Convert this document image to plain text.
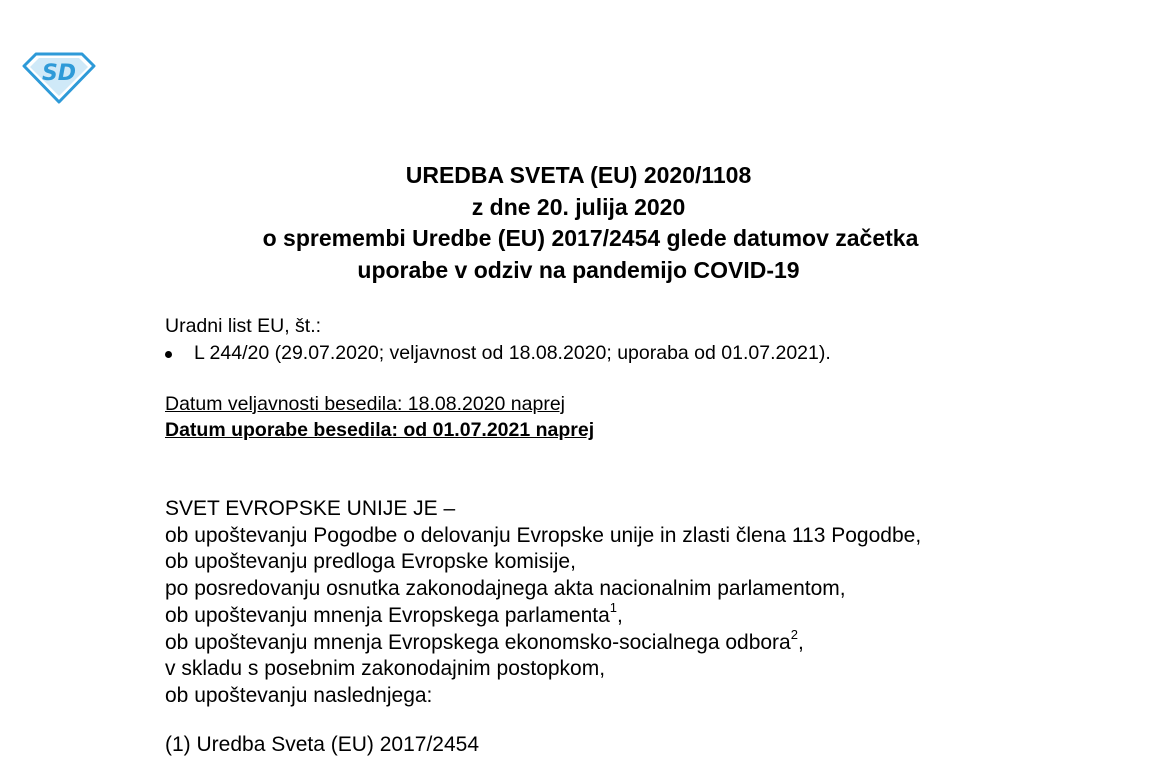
SD
UREDBA SVETA (EU) 2020/1108
z dne 20. julija 2020
o spremembi Uredbe (EU) 2017/2454 glede datumov začetka
uporabe v odziv na pandemijo COVID-19
Uradni list EU, št.:
L 244/20 (29.07.2020; veljavnost od 18.08.2020; uporaba od 01.07.2021).
Datum veljavnosti besedila: 18.08.2020 naprej
Datum uporabe besedila: od 01.07.2021 naprej
SVET EVROPSKE UNIJE JE –
ob upoštevanju Pogodbe o delovanju Evropske unije in zlasti člena 113 Pogodbe,
ob upoštevanju predloga Evropske komisije,
po posredovanju osnutka zakonodajnega akta nacionalnim parlamentom,
ob upoštevanju mnenja Evropskega parlamenta$^1$,
ob upoštevanju mnenja Evropskega ekonomsko-socialnega odbora$^2$,
v skladu s posebnim zakonodajnim postopkom,
ob upoštevanju naslednjega:
(1) Uredba Sveta (EU) 2017/2454
